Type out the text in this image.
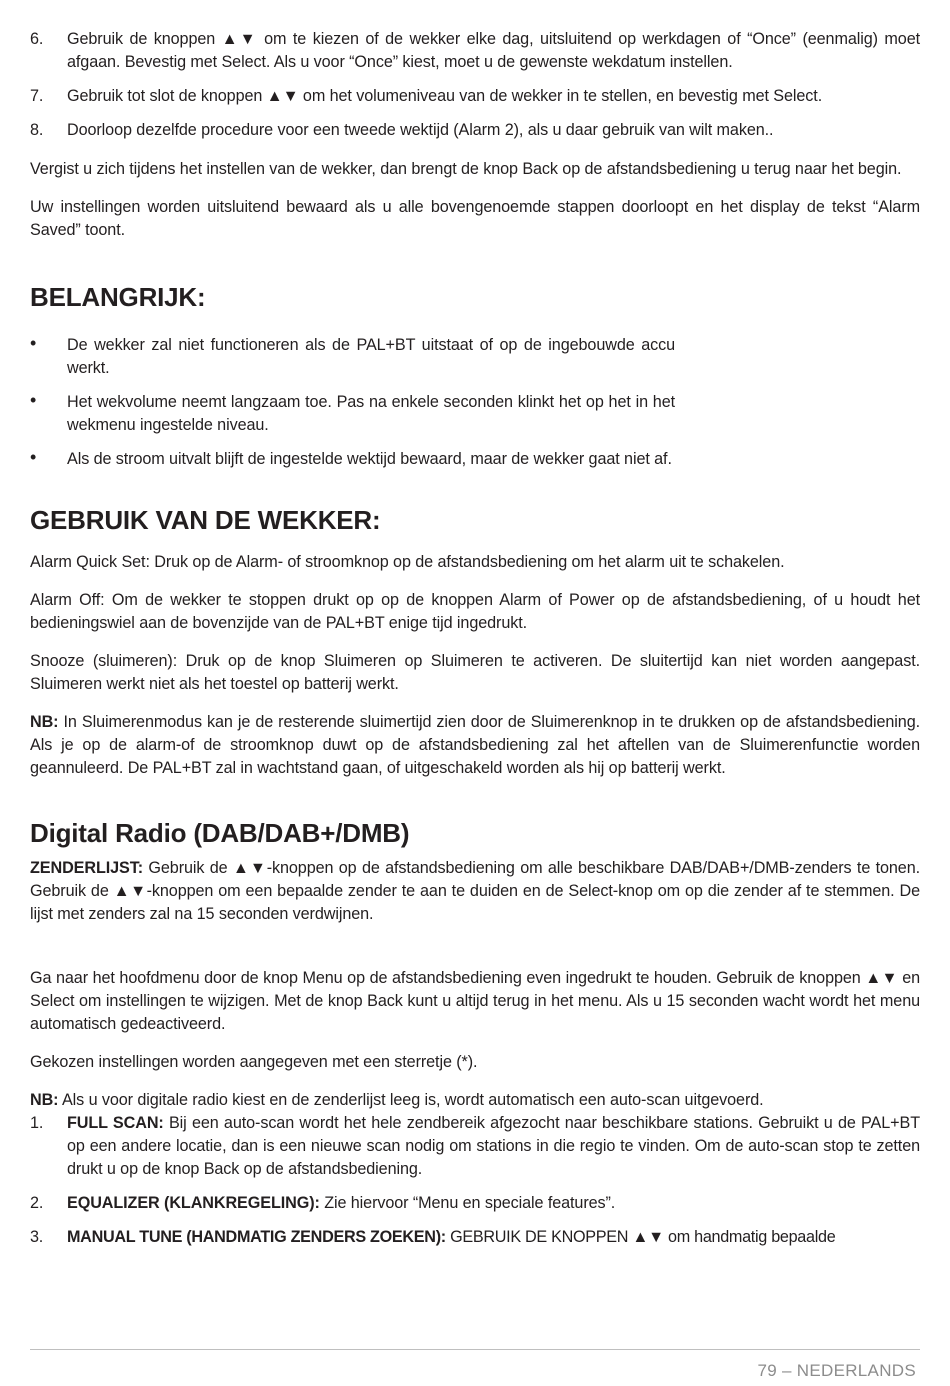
6. Gebruik de knoppen ▲▼ om te kiezen of de wekker elke dag, uitsluitend op werkdagen of “Once” (eenmalig) moet afgaan. Bevestig met Select. Als u voor “Once” kiest, moet u de gewenste wekdatum instellen.
7. Gebruik tot slot de knoppen ▲▼ om het volumeniveau van de wekker in te stellen, en bevestig met Select.
8. Doorloop dezelfde procedure voor een tweede wektijd (Alarm 2), als u daar gebruik van wilt maken..

Vergist u zich tijdens het instellen van de wekker, dan brengt de knop Back op de afstandsbediening u terug naar het begin.

Uw instellingen worden uitsluitend bewaard als u alle bovengenoemde stappen doorloopt en het display de tekst “Alarm Saved” toont.

BELANGRIJK:
• De wekker zal niet functioneren als de PAL+BT uitstaat of op de ingebouwde accu werkt.
• Het wekvolume neemt langzaam toe. Pas na enkele seconden klinkt het op het in het wekmenu ingestelde niveau.
• Als de stroom uitvalt blijft de ingestelde wektijd bewaard, maar de wekker gaat niet af.
GEBRUIK VAN DE WEKKER:

Alarm Quick Set: Druk op de Alarm- of stroomknop op de afstandsbediening om het alarm uit te schakelen.

Alarm Off: Om de wekker te stoppen drukt op op de knoppen Alarm of Power op de afstandsbediening, of u houdt het bedieningswiel aan de bovenzijde van de PAL+BT enige tijd ingedrukt.

Snooze (sluimeren): Druk op de knop Sluimeren op Sluimeren te activeren. De sluitertijd kan niet worden aangepast. Sluimeren werkt niet als het toestel op batterij werkt.

NB: In Sluimerenmodus kan je de resterende sluimertijd zien door de Sluimerenknop in te drukken op de afstandsbediening. Als je op de alarm-of de stroomknop duwt op de afstandsbediening zal het aftellen van de Sluimerenfunctie worden geannuleerd. De PAL+BT zal in wachtstand gaan, of uitgeschakeld worden als hij op batterij werkt.

Digital Radio (DAB/DAB+/DMB)

ZENDERLIJST: Gebruik de ▲▼-knoppen op de afstandsbediening om alle beschikbare DAB/DAB+/DMB-zenders te tonen. Gebruik de ▲▼-knoppen om een bepaalde zender te aan te duiden en de Select-knop om op die zender af te stemmen. De lijst met zenders zal na 15 seconden verdwijnen.

Ga naar het hoofdmenu door de knop Menu op de afstandsbediening even ingedrukt te houden. Gebruik de knoppen ▲▼ en Select om instellingen te wijzigen. Met de knop Back kunt u altijd terug in het menu. Als u 15 seconden wacht wordt het menu automatisch gedeactiveerd.

Gekozen instellingen worden aangegeven met een sterretje (*).

NB: Als u voor digitale radio kiest en de zenderlijst leeg is, wordt automatisch een auto-scan uitgevoerd.

1. FULL SCAN: Bij een auto-scan wordt het hele zendbereik afgezocht naar beschikbare stations. Gebruikt u de PAL+BT op een andere locatie, dan is een nieuwe scan nodig om stations in die regio te vinden. Om de auto-scan stop te zetten drukt u op de knop Back op de afstandsbediening.
2. EQUALIZER (KLANKREGELING): Zie hiervoor “Menu en speciale features”.
3. MANUAL TUNE (HANDMATIG ZENDERS ZOEKEN): GEBRUIK DE KNOPPEN ▲▼ om handmatig bepaalde
79 – NEDERLANDS
